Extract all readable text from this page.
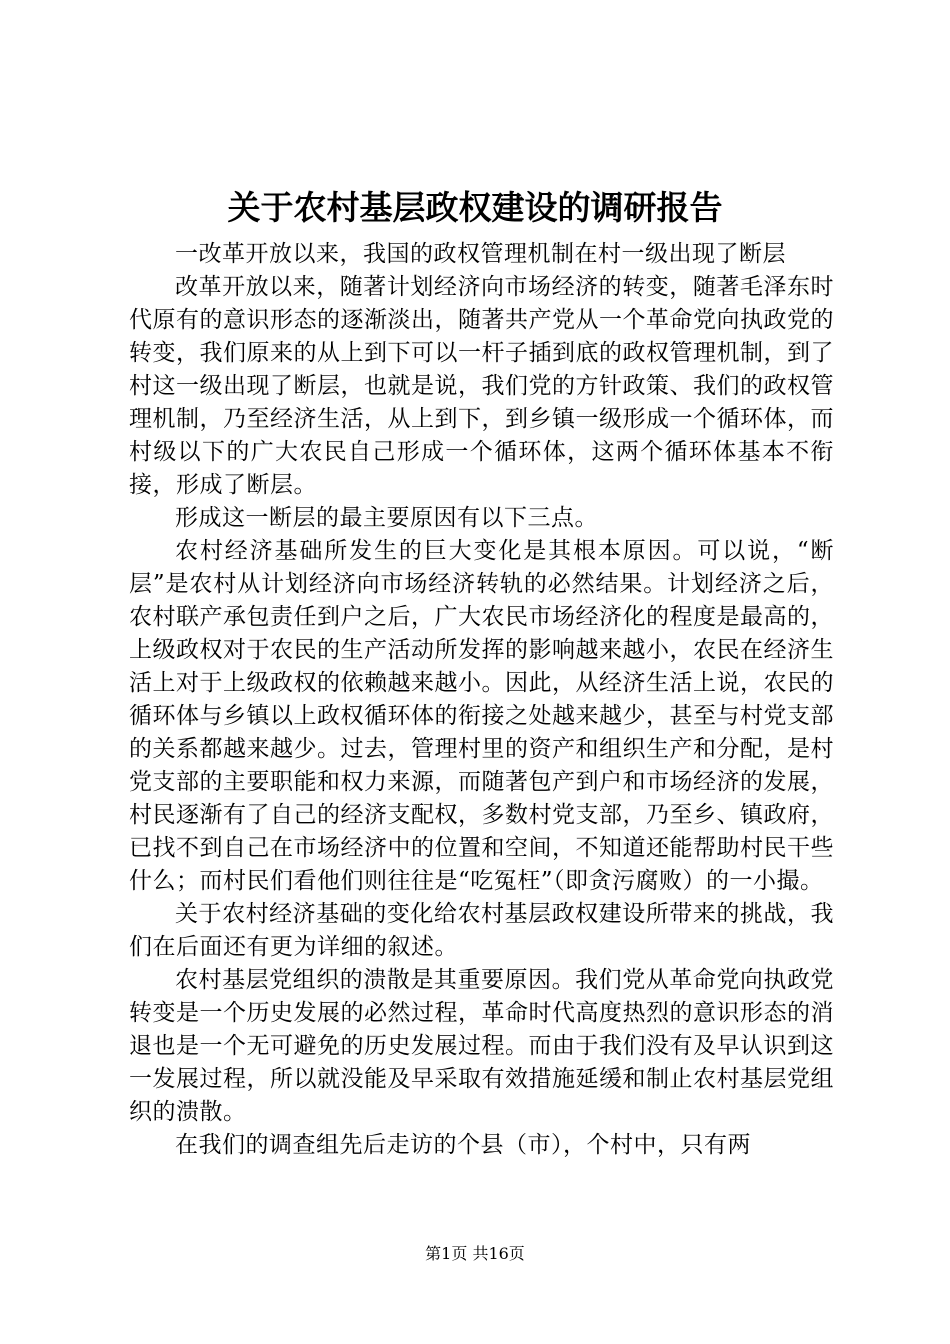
关于农村基层政权建设的调研报告

一改革开放以来，我国的政权管理机制在村一级出现了断层

改革开放以来，随著计划经济向市场经济的转变，随著毛泽东时代原有的意识形态的逐渐淡出，随著共产党从一个革命党向执政党的转变，我们原来的从上到下可以一杆子插到底的政权管理机制，到了村这一级出现了断层，也就是说，我们党的方针政策、我们的政权管理机制，乃至经济生活，从上到下，到乡镇一级形成一个循环体，而村级以下的广大农民自己形成一个循环体，这两个循环体基本不衔接，形成了断层。

形成这一断层的最主要原因有以下三点。

农村经济基础所发生的巨大变化是其根本原因。可以说，“断层”是农村从计划经济向市场经济转轨的必然结果。计划经济之后，农村联产承包责任到户之后，广大农民市场经济化的程度是最高的，上级政权对于农民的生产活动所发挥的影响越来越小，农民在经济生活上对于上级政权的依赖越来越小。因此，从经济生活上说，农民的循环体与乡镇以上政权循环体的衔接之处越来越少，甚至与村党支部的关系都越来越少。过去，管理村里的资产和组织生产和分配，是村党支部的主要职能和权力来源，而随著包产到户和市场经济的发展，村民逐渐有了自己的经济支配权，多数村党支部，乃至乡、镇政府，已找不到自己在市场经济中的位置和空间，不知道还能帮助村民干些什么；而村民们看他们则往往是“吃冤枉”（即贪污腐败）的一小撮。

关于农村经济基础的变化给农村基层政权建设所带来的挑战，我们在后面还有更为详细的叙述。

农村基层党组织的溃散是其重要原因。我们党从革命党向执政党转变是一个历史发展的必然过程，革命时代高度热烈的意识形态的消退也是一个无可避免的历史发展过程。而由于我们没有及早认识到这一发展过程，所以就没能及早采取有效措施延缓和制止农村基层党组织的溃散。

在我们的调查组先后走访的个县（市），个村中，只有两

第1页 共16页
